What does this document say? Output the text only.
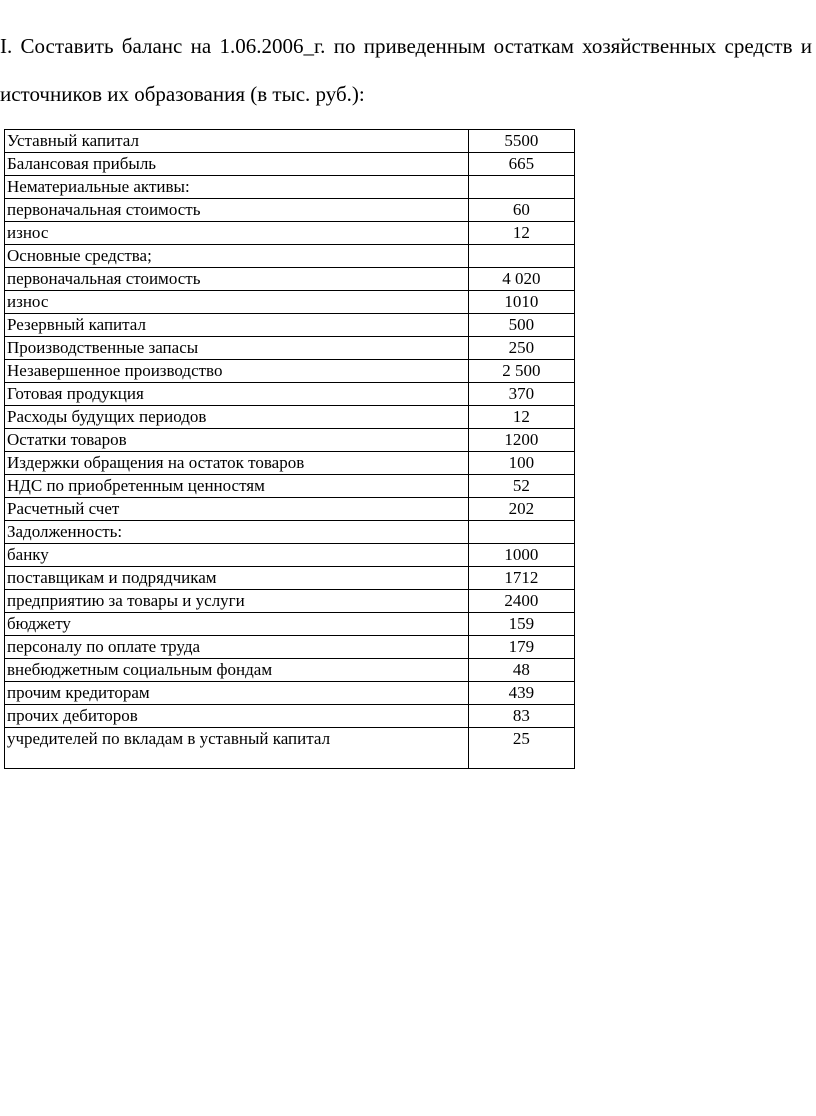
I. Составить баланс на 1.06.2006_г. по приведенным остаткам хозяйственных средств и источников их образования (в тыс. руб.):
Уставный капитал	5500
Балансовая прибыль	665
Нематериальные активы:	
первоначальная стоимость	60
износ	12
Основные средства;	
первоначальная стоимость	4 020
износ	1010
Резервный капитал	500
Производственные запасы	250
Незавершенное производство	2 500
Готовая продукция	370
Расходы будущих периодов	12
Остатки товаров	1200
Издержки обращения на остаток товаров	100
НДС по приобретенным ценностям	52
Расчетный счет	202
Задолженность:	
банку	1000
поставщикам и подрядчикам	1712
предприятию за товары и услуги	2400
бюджету	159
персоналу по оплате труда	179
внебюджетным социальным фондам	48
прочим кредиторам	439
прочих дебиторов	83
учредителей по вкладам в уставный капитал	25
